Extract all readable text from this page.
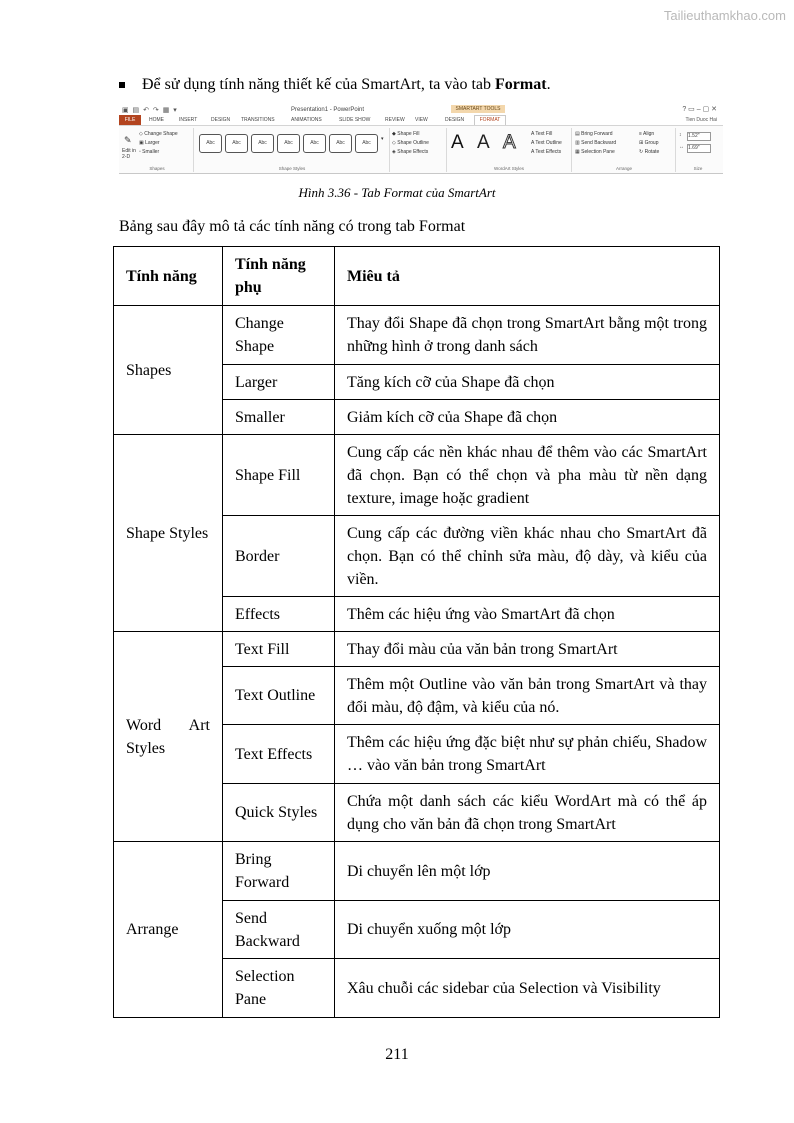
Tailieuthamkhao.com
Để sử dụng tính năng thiết kế của SmartArt, ta vào tab Format.
▣ ▤ ↶ ↷ ▦ ▾	Presentation1 - PowerPoint	SMARTART TOOLS	? ▭ – ▢ ✕
FILE	HOME	INSERT	DESIGN TRANSITIONS	ANIMATIONS	SLIDE SHOW	REVIEW VIEW	DESIGN	FORMAT	Tien Duoc Hai
✎
Edit in 2-D
◇ Change Shape
▣ Larger
▫ Smaller
Shapes
Abc	Abc	Abc	Abc	Abc	Abc	Abc
▾
Shape Styles
◆ Shape Fill
◇ Shape Outline
◈ Shape Effects A A A	A Text Fill
A Text Outline
A Text Effects
WordArt Styles
▤ Bring Forward
▥ Send Backward
▦ Selection Pane
≡ Align
⊞ Group
↻ Rotate
Arrange
↕ 1.52"
↔ 1.69"
Size
Hình 3.36 - Tab Format của SmartArt
Bảng sau đây mô tả các tính năng có trong tab Format
Tính năng	Tính năng phụ	Miêu tả
Shapes	Change Shape	Thay đổi Shape đã chọn trong SmartArt bằng một trong những hình ở trong danh sách
	Larger	Tăng kích cỡ của Shape đã chọn
	Smaller	Giảm kích cỡ của Shape đã chọn
Shape Styles	Shape Fill	Cung cấp các nền khác nhau để thêm vào các SmartArt đã chọn. Bạn có thể chọn và pha màu từ nền dạng texture, image hoặc gradient
	Border	Cung cấp các đường viền khác nhau cho SmartArt đã chọn. Bạn có thể chỉnh sửa màu, độ dày, và kiểu của viền.
	Effects	Thêm các hiệu ứng vào SmartArt đã chọn
Word Art Styles	Text Fill	Thay đổi màu của văn bản trong SmartArt
	Text Outline	Thêm một Outline vào văn bản trong SmartArt và thay đổi màu, độ đậm, và kiểu của nó.
	Text Effects	Thêm các hiệu ứng đặc biệt như sự phản chiếu, Shadow … vào văn bản trong SmartArt
	Quick Styles	Chứa một danh sách các kiểu WordArt mà có thể áp dụng cho văn bản đã chọn trong SmartArt
Arrange	Bring Forward	Di chuyển lên một lớp
	Send Backward	Di chuyển xuống một lớp
	Selection Pane	Xâu chuỗi các sidebar của Selection và Visibility
211
